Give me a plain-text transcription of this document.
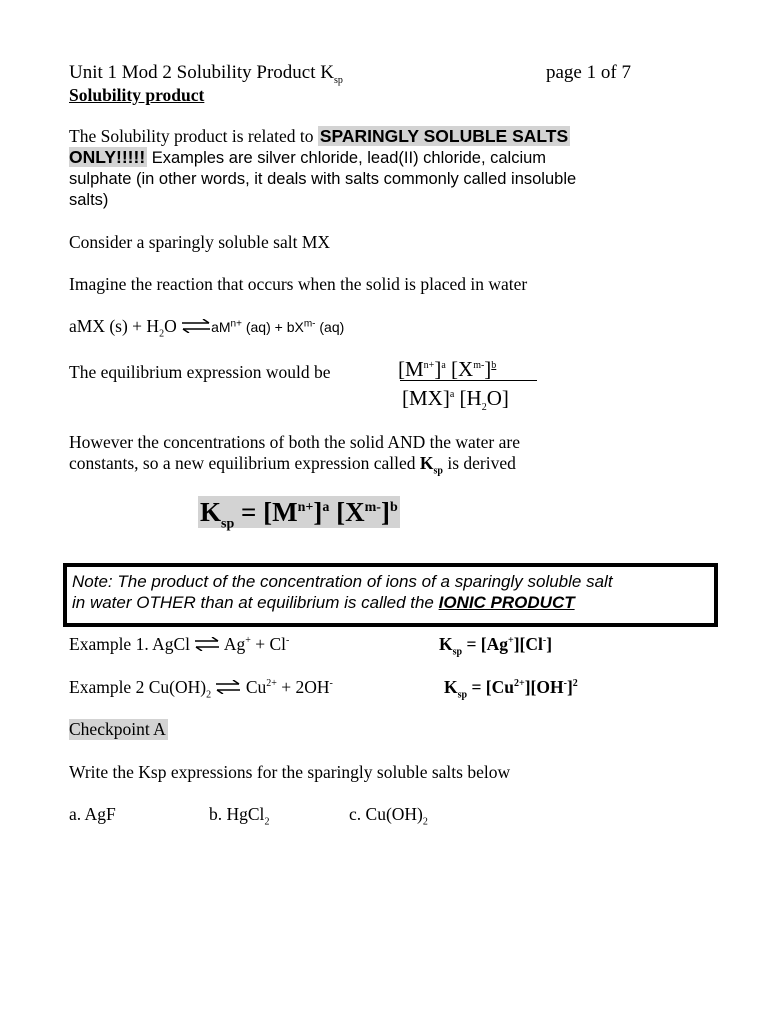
Unit 1 Mod 2 Solubility Product $K_{sp}$	page 1 of 7
Solubility product
The Solubility product is related to SPARINGLY SOLUBLE SALTS
ONLY!!!!! Examples are silver chloride, lead(II) chloride, calcium
sulphate (in other words, it deals with salts commonly called insoluble
salts)
Consider a sparingly soluble salt MX
Imagine the reaction that occurs when the solid is placed in water
aMX $(s) + H_2O$ $\rightleftharpoons aM^{n+}$ $(aq) + bX^{m-}$ (aq)
The equilibrium expression would be	$[M^{n+}]^a$ $[X^{m-}]^b$
[MX]$^a$ $[H_2O]$
However the concentrations of both the solid AND the water are
constants, so a new equilibrium expression called $K_{sp}$ is derived
$K_{sp} = [M^{n+}]^a$ $[X^{m-}]^b$
Note: The product of the concentration of ions of a sparingly soluble salt
in water OTHER than at equilibrium is called the IONIC PRODUCT
Example 1. AgCl ⇌ Ag+ + Cl-	$K_{sp} = [Ag^+][Cl^-]$
Example 2 $Cu(OH)_2$ ⇌ $Cu^{2+} + 2OH^-$	$K_{sp} = [Cu^{2+}][OH^-]^2$
Checkpoint A
Write the Ksp expressions for the sparingly soluble salts below
a. AgF	b. HgCl$_2$	c. $Cu(OH)_2$
